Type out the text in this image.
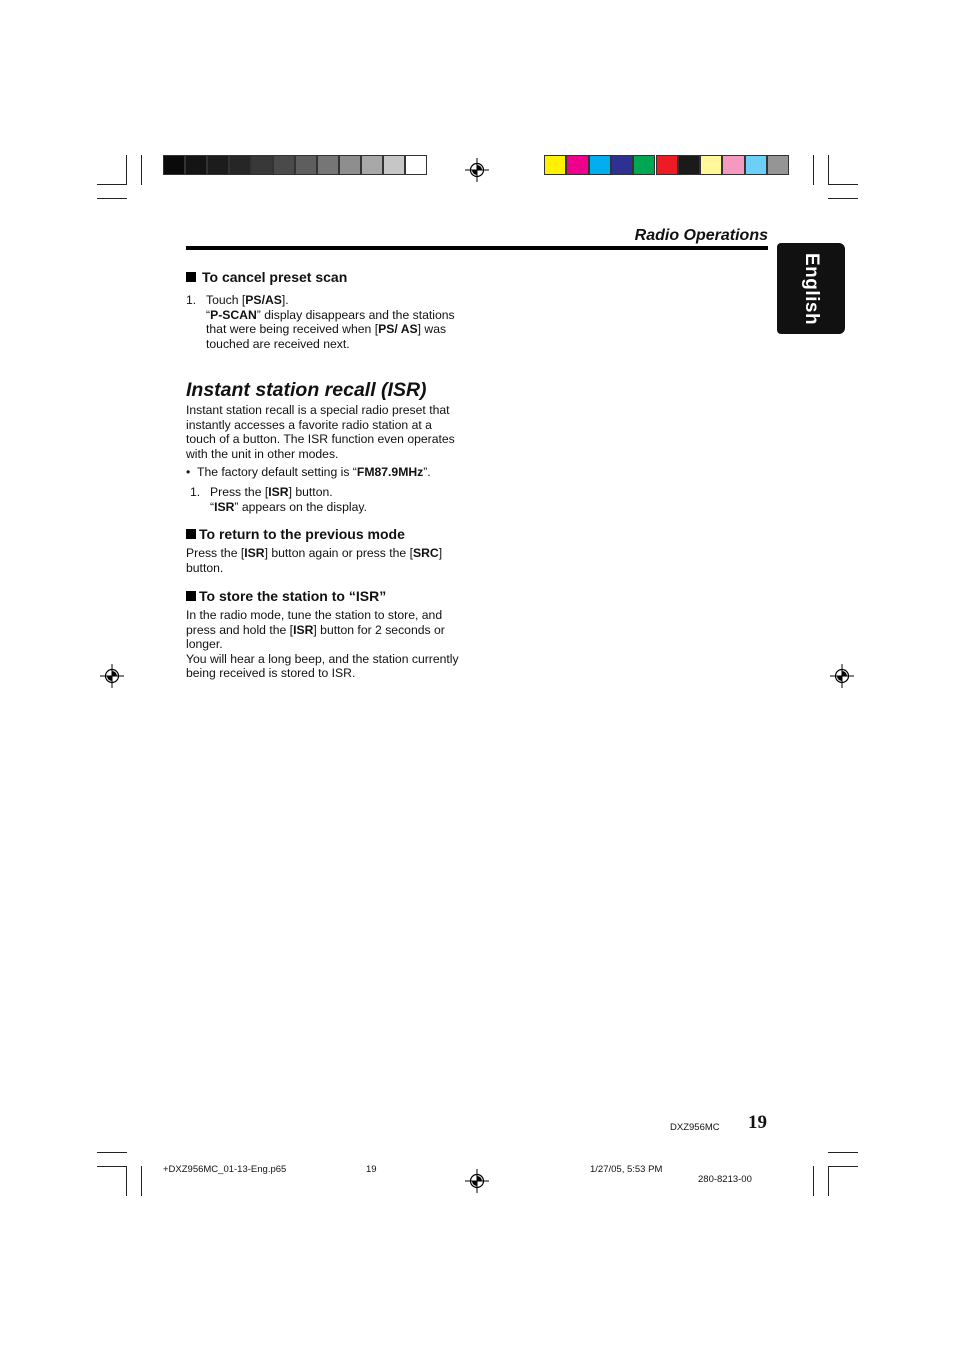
Radio Operations
English
To cancel preset scan
1. Touch [PS/AS].
“P-SCAN” display disappears and the stations that were being received when [PS/ AS] was touched are received next.
Instant station recall (ISR)
Instant station recall is a special radio preset that instantly accesses a favorite radio station at a touch of a button. The ISR function even operates with the unit in other modes.
• The factory default setting is “FM87.9MHz”.
1. Press the [ISR] button.
“ISR” appears on the display.
To return to the previous mode
Press the [ISR] button again or press the [SRC] button.
To store the station to “ISR”
In the radio mode, tune the station to store, and press and hold the [ISR] button for 2 seconds or longer.
You will hear a long beep, and the station currently being received is stored to ISR.
DXZ956MC 19
+DXZ956MC_01-13-Eng.p65	19	1/27/05, 5:53 PM
280-8213-00
